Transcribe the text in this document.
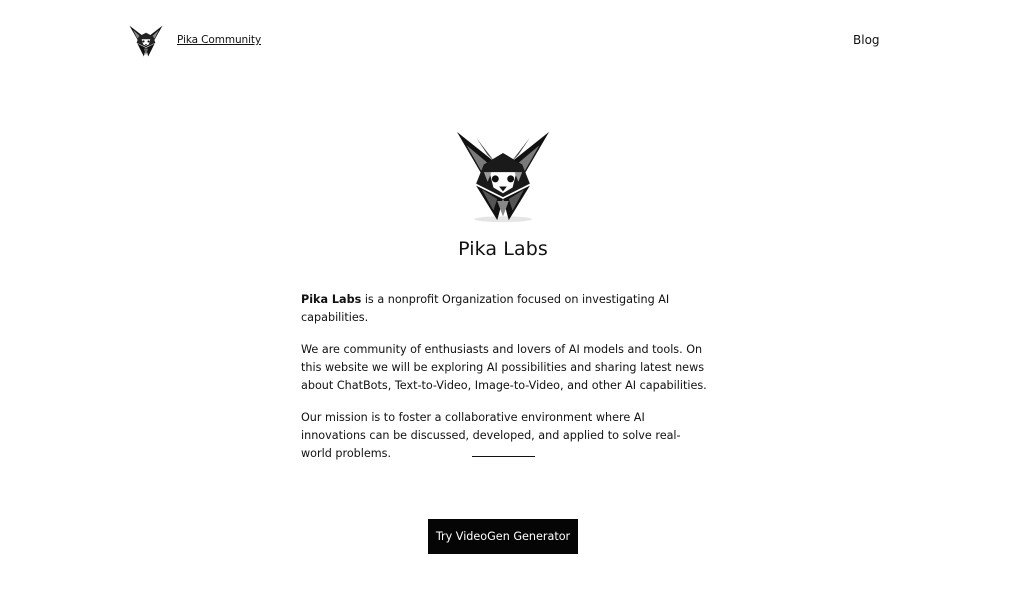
Pika Community	Blog
Pika Labs

Pika Labs is a nonprofit Organization focused on investigating AI capabilities.

We are community of enthusiasts and lovers of AI models and tools. On this website we will be exploring AI possibilities and sharing latest news about ChatBots, Text-to-Video, Image-to-Video, and other AI capabilities.

Our mission is to foster a collaborative environment where AI innovations can be discussed, developed, and applied to solve real-world problems.

Try VideoGen Generator
